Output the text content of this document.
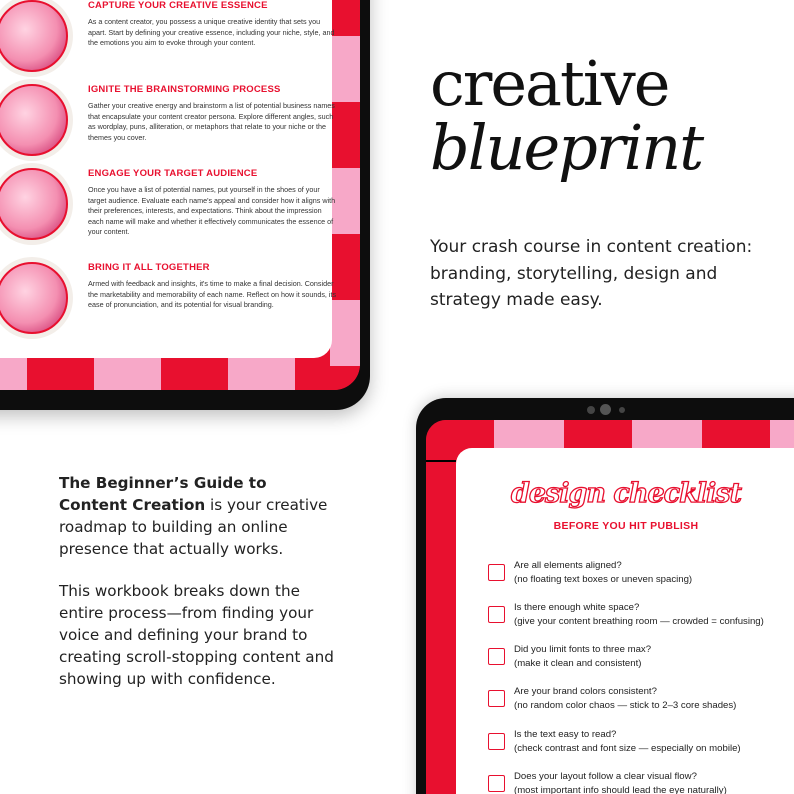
CAPTURE YOUR CREATIVE ESSENCE

As a content creator, you possess a unique creative identity that sets you apart. Start by defining your creative essence, including your niche, style, and the emotions you aim to evoke through your content.

IGNITE THE BRAINSTORMING PROCESS

Gather your creative energy and brainstorm a list of potential business names that encapsulate your content creator persona. Explore different angles, such as wordplay, puns, alliteration, or metaphors that relate to your niche or the themes you cover.

ENGAGE YOUR TARGET AUDIENCE

Once you have a list of potential names, put yourself in the shoes of your target audience. Evaluate each name's appeal and consider how it aligns with their preferences, interests, and expectations. Think about the impression each name will make and whether it effectively communicates the essence of your content.

BRING IT ALL TOGETHER

Armed with feedback and insights, it's time to make a final decision. Consider the marketability and memorability of each name. Reflect on how it sounds, its ease of pronunciation, and its potential for visual branding.

creative
blueprint
Your crash course in content creation: branding, storytelling, design and strategy made easy.

The Beginner’s Guide to Content Creation is your creative roadmap to building an online presence that actually works.

This workbook breaks down the entire process—from finding your voice and defining your brand to creating scroll-stopping content and showing up with confidence.

design checklist
BEFORE YOU HIT PUBLISH
Are all elements aligned?
(no floating text boxes or uneven spacing)
Is there enough white space?
(give your content breathing room — crowded = confusing)
Did you limit fonts to three max?
(make it clean and consistent)
Are your brand colors consistent?
(no random color chaos — stick to 2–3 core shades)
Is the text easy to read?
(check contrast and font size — especially on mobile)
Does your layout follow a clear visual flow?
(most important info should lead the eye naturally)
